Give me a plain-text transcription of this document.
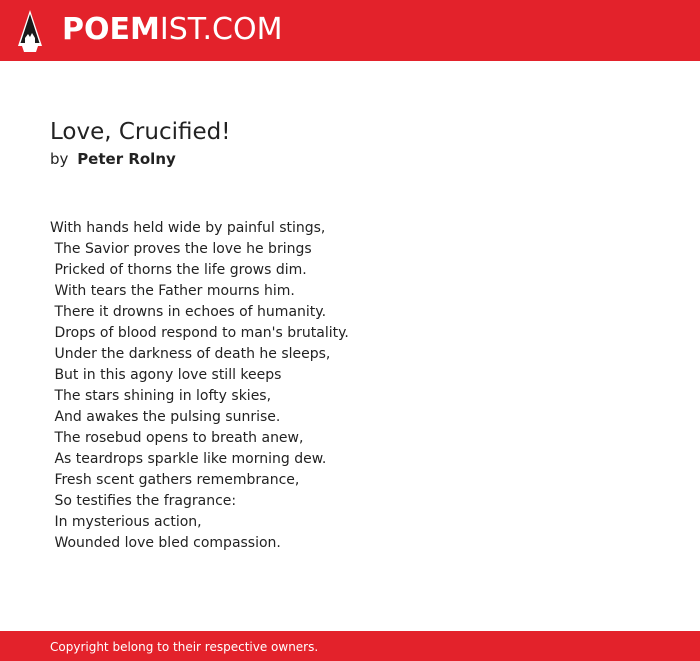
POEMIST.COM
Love, Crucified!
by Peter Rolny
With hands held wide by painful stings,
The Savior proves the love he brings
Pricked of thorns the life grows dim.
With tears the Father mourns him.
There it drowns in echoes of humanity.
Drops of blood respond to man's brutality.
Under the darkness of death he sleeps,
But in this agony love still keeps
The stars shining in lofty skies,
And awakes the pulsing sunrise.
The rosebud opens to breath anew,
As teardrops sparkle like morning dew.
Fresh scent gathers remembrance,
So testifies the fragrance:
In mysterious action,
Wounded love bled compassion.
Copyright belong to their respective owners.
